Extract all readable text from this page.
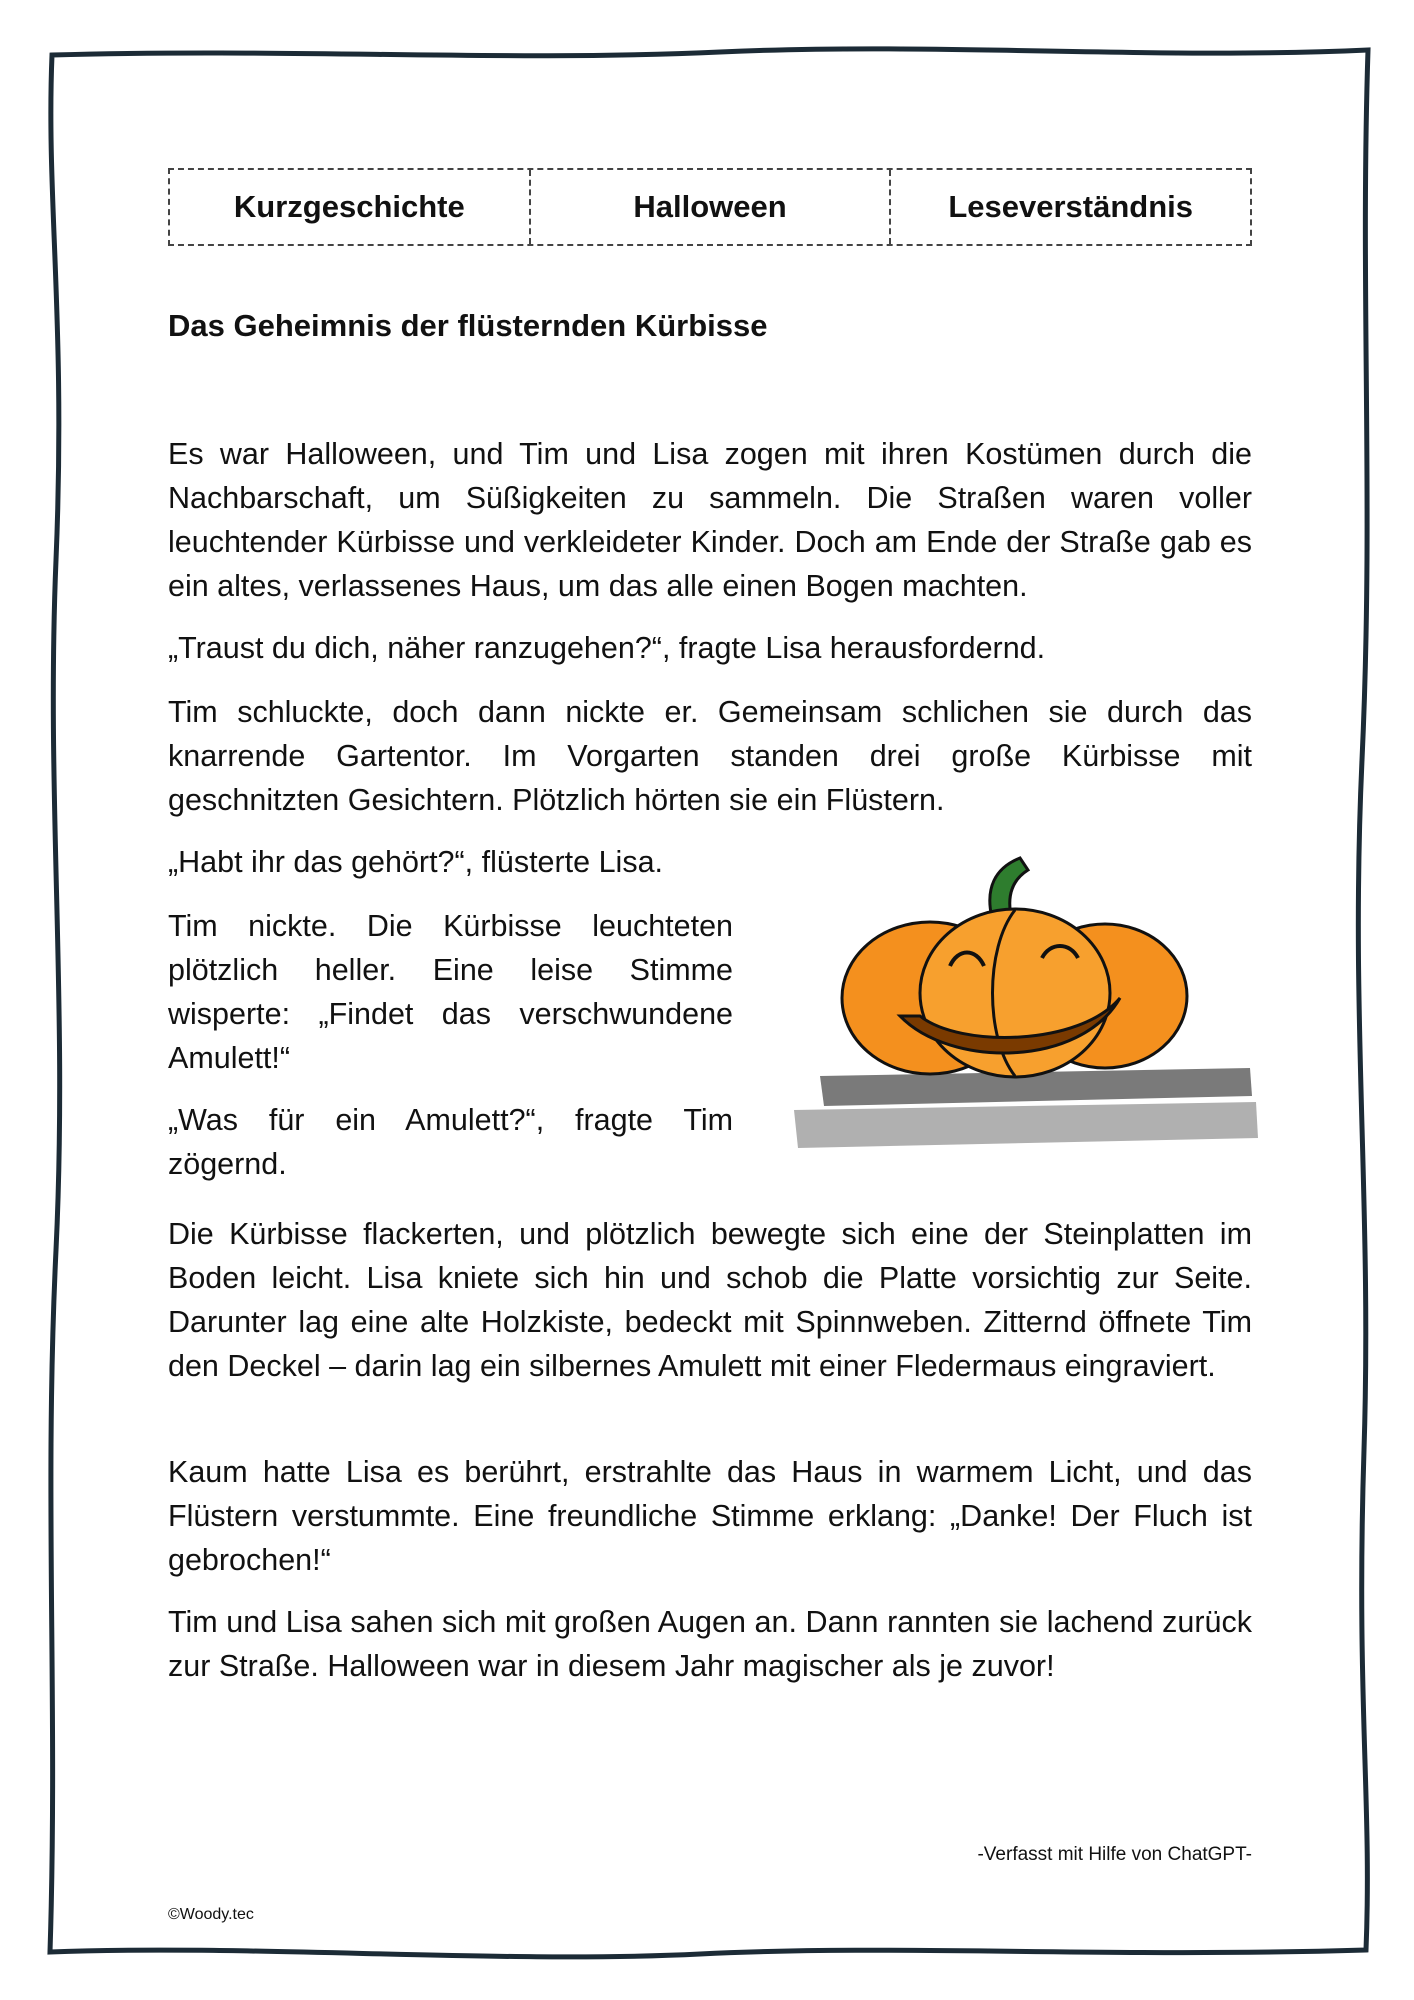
Kurzgeschichte	Halloween	Leseverständnis
Das Geheimnis der flüsternden Kürbisse

Es war Halloween, und Tim und Lisa zogen mit ihren Kostümen durch die Nachbarschaft, um Süßigkeiten zu sammeln. Die Straßen waren voller leuchtender Kürbisse und verkleideter Kinder. Doch am Ende der Straße gab es ein altes, verlassenes Haus, um das alle einen Bogen machten.

„Traust du dich, näher ranzugehen?“, fragte Lisa herausfordernd.

Tim schluckte, doch dann nickte er. Gemeinsam schlichen sie durch das knarrende Gartentor. Im Vorgarten standen drei große Kürbisse mit geschnitzten Gesichtern. Plötzlich hörten sie ein Flüstern.

„Habt ihr das gehört?“, flüsterte Lisa.

Tim nickte. Die Kürbisse leuchteten plötzlich heller. Eine leise Stimme wisperte: „Findet das verschwundene Amulett!“

„Was für ein Amulett?“, fragte Tim zögernd.

Die Kürbisse flackerten, und plötzlich bewegte sich eine der Steinplatten im Boden leicht. Lisa kniete sich hin und schob die Platte vorsichtig zur Seite. Darunter lag eine alte Holzkiste, bedeckt mit Spinnweben. Zitternd öffnete Tim den Deckel – darin lag ein silbernes Amulett mit einer Fledermaus eingraviert.

Kaum hatte Lisa es berührt, erstrahlte das Haus in warmem Licht, und das Flüstern verstummte. Eine freundliche Stimme erklang: „Danke! Der Fluch ist gebrochen!“

Tim und Lisa sahen sich mit großen Augen an. Dann rannten sie lachend zurück zur Straße. Halloween war in diesem Jahr magischer als je zuvor!

-Verfasst mit Hilfe von ChatGPT-
©Woody.tec
